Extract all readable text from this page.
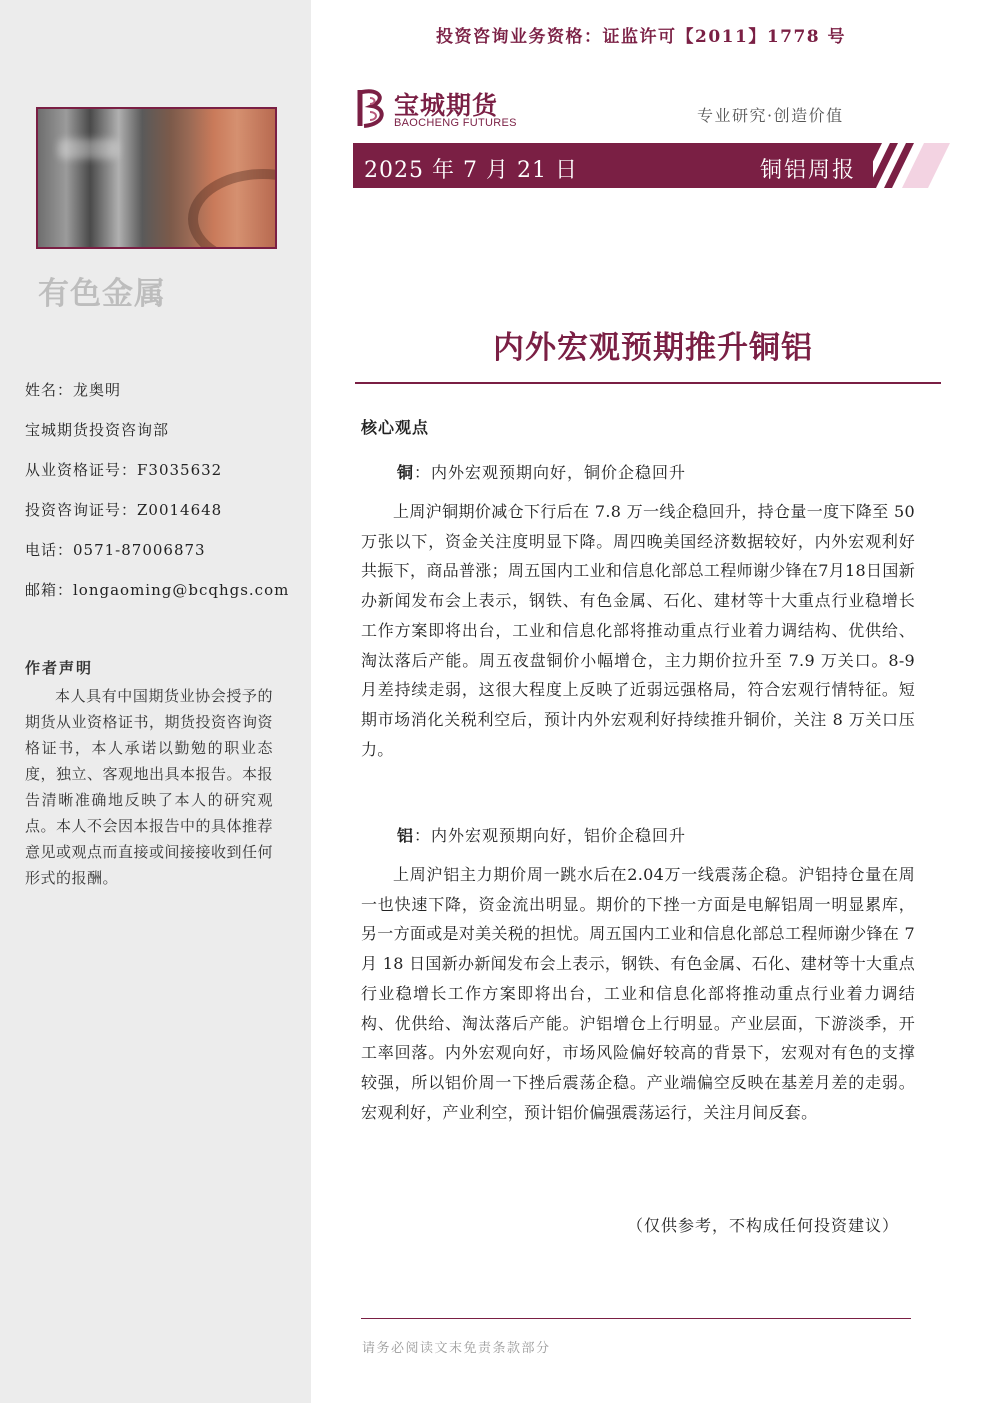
有色金属
姓名：龙奥明
宝城期货投资咨询部
从业资格证号：F3035632
投资咨询证号：Z0014648
电话：0571-87006873
邮箱：longaoming@bcqhgs.com
作者声明
本人具有中国期货业协会授予的期货从业资格证书，期货投资咨询资格证书，本人承诺以勤勉的职业态度，独立、客观地出具本报告。本报告清晰准确地反映了本人的研究观点。本人不会因本报告中的具体推荐意见或观点而直接或间接接收到任何形式的报酬。
投资咨询业务资格：证监许可【2011】1778 号
宝城期货
BAOCHENG FUTURES	专业研究·创造价值
2025 年 7 月 21 日	铜铝周报
内外宏观预期推升铜铝
核心观点
铜：内外宏观预期向好，铜价企稳回升
上周沪铜期价减仓下行后在 7.8 万一线企稳回升，持仓量一度下降至 50 万张以下，资金关注度明显下降。周四晚美国经济数据较好，内外宏观利好共振下，商品普涨；周五国内工业和信息化部总工程师谢少锋在7月18日国新办新闻发布会上表示，钢铁、有色金属、石化、建材等十大重点行业稳增长工作方案即将出台，工业和信息化部将推动重点行业着力调结构、优供给、淘汰落后产能。周五夜盘铜价小幅增仓，主力期价拉升至 7.9 万关口。8-9 月差持续走弱，这很大程度上反映了近弱远强格局，符合宏观行情特征。短期市场消化关税利空后，预计内外宏观利好持续推升铜价，关注 8 万关口压力。
铝：内外宏观预期向好，铝价企稳回升
上周沪铝主力期价周一跳水后在2.04万一线震荡企稳。沪铝持仓量在周一也快速下降，资金流出明显。期价的下挫一方面是电解铝周一明显累库，另一方面或是对美关税的担忧。周五国内工业和信息化部总工程师谢少锋在 7 月 18 日国新办新闻发布会上表示，钢铁、有色金属、石化、建材等十大重点行业稳增长工作方案即将出台，工业和信息化部将推动重点行业着力调结构、优供给、淘汰落后产能。沪铝增仓上行明显。产业层面，下游淡季，开工率回落。内外宏观向好，市场风险偏好较高的背景下，宏观对有色的支撑较强，所以铝价周一下挫后震荡企稳。产业端偏空反映在基差月差的走弱。宏观利好，产业利空，预计铝价偏强震荡运行，关注月间反套。
（仅供参考，不构成任何投资建议）
请务必阅读文末免责条款部分
